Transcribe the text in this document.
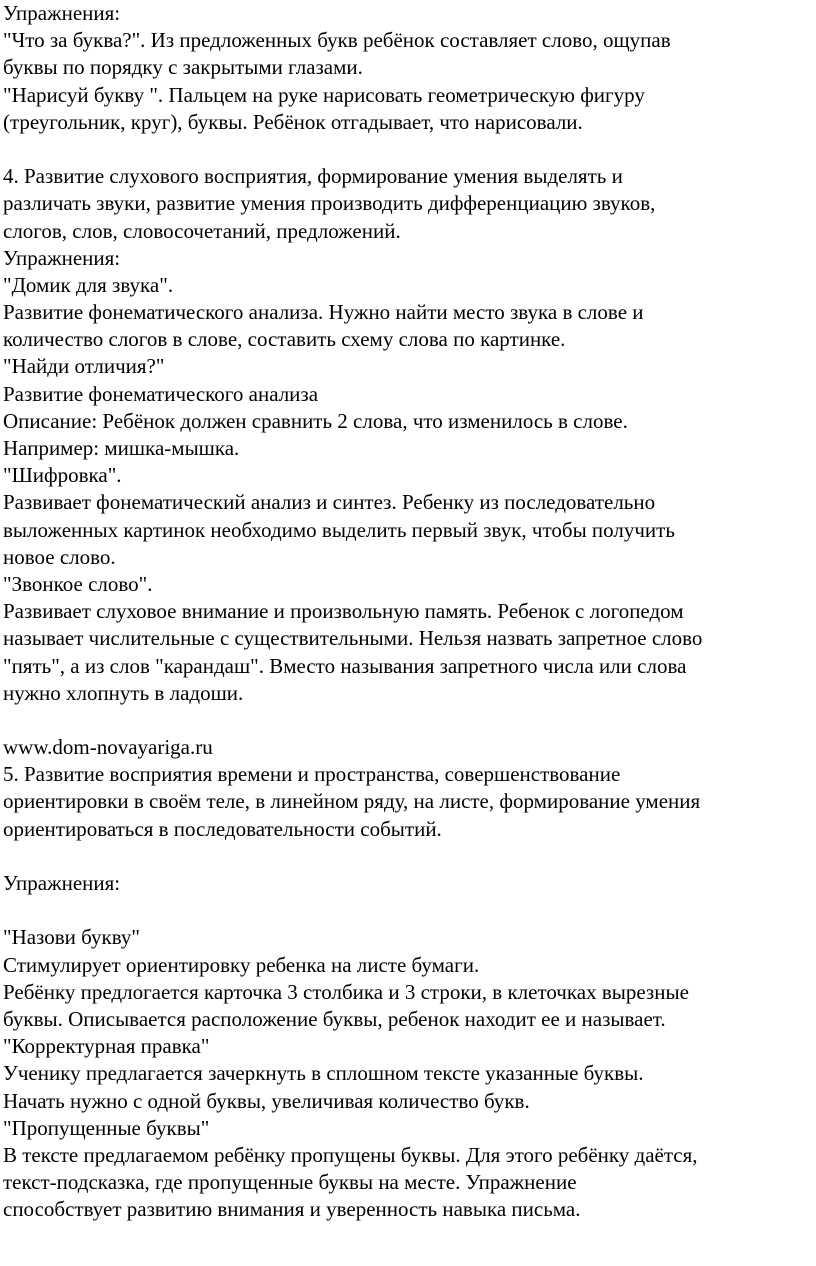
Упражнения:
"Что за буква?". Из предложенных букв ребёнок составляет слово, ощупав
буквы по порядку с закрытыми глазами.
"Нарисуй букву ". Пальцем на руке нарисовать геометрическую фигуру
(треугольник, круг), буквы. Ребёнок отгадывает, что нарисовали.
4. Развитие слухового восприятия, формирование умения выделять и
различать звуки, развитие умения производить дифференциацию звуков,
слогов, слов, словосочетаний, предложений.
Упражнения:
"Домик для звука".
Развитие фонематического анализа. Нужно найти место звука в слове и
количество слогов в слове, составить схему слова по картинке.
"Найди отличия?"
Развитие фонематического анализа
Описание: Ребёнок должен сравнить 2 слова, что изменилось в слове.
Например: мишка-мышка.
"Шифровка".
Развивает фонематический анализ и синтез. Ребенку из последовательно
выложенных картинок необходимо выделить первый звук, чтобы получить
новое слово.
"Звонкое слово".
Развивает слуховое внимание и произвольную память. Ребенок с логопедом
называет числительные с существительными. Нельзя назвать запретное слово
"пять", а из слов "карандаш". Вместо называния запретного числа или слова
нужно хлопнуть в ладоши.
www.dom-novayariga.ru
5. Развитие восприятия времени и пространства, совершенствование
ориентировки в своём теле, в линейном ряду, на листе, формирование умения
ориентироваться в последовательности событий.
Упражнения:
"Назови букву"
Стимулирует ориентировку ребенка на листе бумаги.
Ребёнку предлогается карточка 3 столбика и 3 строки, в клеточках вырезные
буквы. Описывается расположение буквы, ребенок находит ее и называет.
"Корректурная правка"
Ученику предлагается зачеркнуть в сплошном тексте указанные буквы.
Начать нужно с одной буквы, увеличивая количество букв.
"Пропущенные буквы"
В тексте предлагаемом ребёнку пропущены буквы. Для этого ребёнку даётся,
текст-подсказка, где пропущенные буквы на месте. Упражнение
способствует развитию внимания и уверенность навыка письма.
